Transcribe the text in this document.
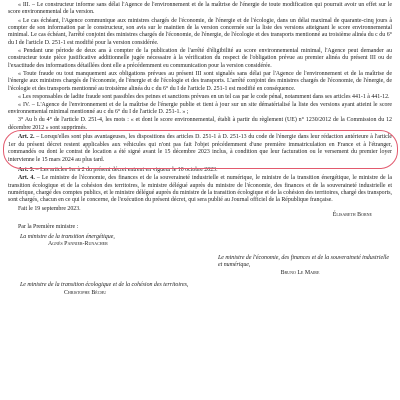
« III. – Le constructeur informe sans délai l'Agence de l'environnement et de la maîtrise de l'énergie de toute modification qui pourrait avoir un effet sur le score environnemental de la version.

« Le cas échéant, l'Agence communique aux ministres chargés de l'économie, de l'énergie et de l'écologie, dans un délai maximal de quarante-cinq jours à compter de son information par le constructeur, son avis sur le maintien de la version concernée sur la liste des versions atteignant le score environnemental minimal. Le cas échéant, l'arrêté conjoint des ministres chargés de l'économie, de l'énergie, de l'écologie et des transports mentionné au troisième alinéa du c du 6° du I de l'article D. 251-1 est modifié pour la version considérée.

« Pendant une période de deux ans à compter de la publication de l'arrêté d'éligibilité au score environnemental minimal, l'Agence peut demander au constructeur toute pièce justificative additionnelle jugée nécessaire à la vérification du respect de l'obligation prévue au premier alinéa du présent III ou de l'exactitude des informations détaillées dont elle a précédemment eu communication pour la version considérée.

« Toute fraude ou tout manquement aux obligations prévues au présent III sont signalés sans délai par l'Agence de l'environnement et de la maîtrise de l'énergie aux ministres chargés de l'économie, de l'énergie et de l'écologie et des transports. L'arrêté conjoint des ministres chargés de l'économie, de l'énergie, de l'écologie et des transports mentionné au troisième alinéa du c du 6° du I de l'article D. 251-1 est modifié en conséquence.

« Les responsables de ladite fraude sont passibles des peines et sanctions prévues en un tel cas par le code pénal, notamment dans ses articles 441-1 à 441-12.

« IV. – L'Agence de l'environnement et de la maîtrise de l'énergie publie et tient à jour sur un site dématérialisé la liste des versions ayant atteint le score environnemental minimal mentionné au c du 6° du I de l'article D. 251-1. » ;

3° Au b du 4° de l'article D. 251-4, les mots : « et dont le score environnemental, établi à partir du règlement (UE) n° 1230/2012 de la Commission du 12 décembre 2012 » sont supprimés.

Art. 2. – Lorsqu'elles sont plus avantageuses, les dispositions des articles D. 251-1 à D. 251-13 du code de l'énergie dans leur rédaction antérieure à l'article 1er du présent décret restent applicables aux véhicules qui n'ont pas fait l'objet précédemment d'une première immatriculation en France et à l'étranger, commandés ou dont le contrat de location a été signé avant le 15 décembre 2023 inclus, à condition que leur facturation ou le versement du premier loyer intervienne le 15 mars 2024 au plus tard.

Art. 3. – Les articles 1er à 2 du présent décret entrent en vigueur le 10 octobre 2023.

Art. 4. – Le ministre de l'économie, des finances et de la souveraineté industrielle et numérique, le ministre de la transition énergétique, le ministre de la transition écologique et de la cohésion des territoires, le ministre délégué auprès du ministre de l'économie, des finances et de la souveraineté industrielle et numérique, chargé des comptes publics, et le ministre délégué auprès du ministre de la transition écologique et de la cohésion des territoires, chargé des transports, sont chargés, chacun en ce qui le concerne, de l'exécution du présent décret, qui sera publié au Journal officiel de la République française.

Fait le 19 septembre 2023.

Élisabeth Borne
Par la Première ministre :
La ministre de la transition énergétique,
Agnès Pannier-Runacher
Le ministre de l'économie, des finances et de la souveraineté industrielle et numérique,
Bruno Le Maire
Le ministre de la transition écologique et de la cohésion des territoires,
Christophe Béchu
